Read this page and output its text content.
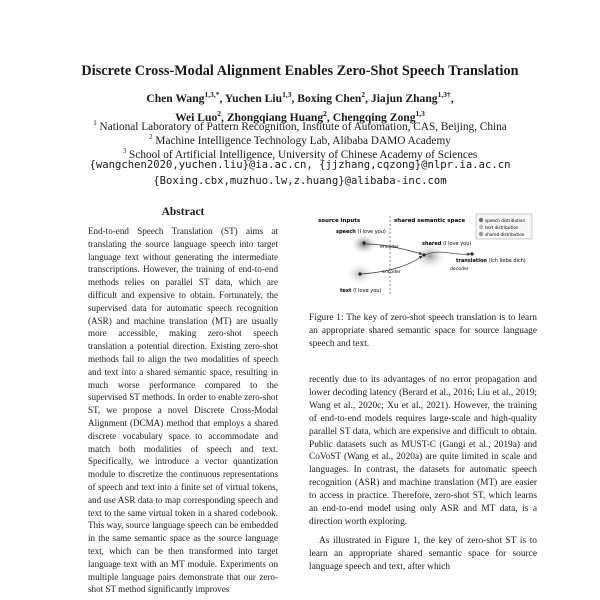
Discrete Cross-Modal Alignment Enables Zero-Shot Speech Translation
Chen Wang$^{1,3,*}$, Yuchen Liu$^{1,3}$, Boxing Chen$^2$, Jiajun Zhang$^{1,3\dagger}$,
Wei Luo$^2$, Zhongqiang Huang$^2$, Chengqing Zong$^{1,3}$
$^1$ National Laboratory of Pattern Recognition, Institute of Automation, CAS, Beijing, China
$^2$ Machine Intelligence Technology Lab, Alibaba DAMO Academy
$^3$ School of Artificial Intelligence, University of Chinese Academy of Sciences
{wangchen2020,yuchen.liu}@ia.ac.cn, {jjzhang,cqzong}@nlpr.ia.ac.cn
{Boxing.cbx,muzhuo.lw,z.huang}@alibaba-inc.com
Abstract
End-to-end Speech Translation (ST) aims at translating the source language speech into target language text without generating the intermediate transcriptions. However, the training of end-to-end methods relies on parallel ST data, which are difficult and expensive to obtain. Fortunately, the supervised data for automatic speech recognition (ASR) and machine translation (MT) are usually more accessible, making zero-shot speech translation a potential direction. Existing zero-shot methods fail to align the two modalities of speech and text into a shared semantic space, resulting in much worse performance compared to the supervised ST methods. In order to enable zero-shot ST, we propose a novel Discrete Cross-Modal Alignment (DCMA) method that employs a shared discrete vocabulary space to accommodate and match both modalities of speech and text. Specifically, we introduce a vector quantization module to discretize the continuous representations of speech and text into a finite set of virtual tokens, and use ASR data to map corresponding speech and text to the same virtual token in a shared codebook. This way, source language speech can be embedded in the same semantic space as the source language text, which can be then transformed into target language text with an MT module. Experiments on multiple language pairs demonstrate that our zero-shot ST method significantly improves
source inputs	shared semantic space
speech (I love you)
shared (I love you)
translation (Ich liebe dich)
text (I love you)
encoder
encoder
decoder
speech distribution
text distribution
shared distribution
Figure 1: The key of zero-shot speech translation is to learn an appropriate shared semantic space for source language speech and text.

recently due to its advantages of no error propagation and lower decoding latency (Berard et al., 2016; Liu et al., 2019; Wang et al., 2020c; Xu et al., 2021). However, the training of end-to-end models requires large-scale and high-quality parallel ST data, which are expensive and difficult to obtain. Public datasets such as MUST-C (Gangi et al., 2019a) and CoVoST (Wang et al., 2020a) are quite limited in scale and languages. In contrast, the datasets for automatic speech recognition (ASR) and machine translation (MT) are easier to access in practice. Therefore, zero-shot ST, which learns an end-to-end model using only ASR and MT data, is a direction worth exploring.

As illustrated in Figure 1, the key of zero-shot ST is to learn an appropriate shared semantic space for source language speech and text, after which
